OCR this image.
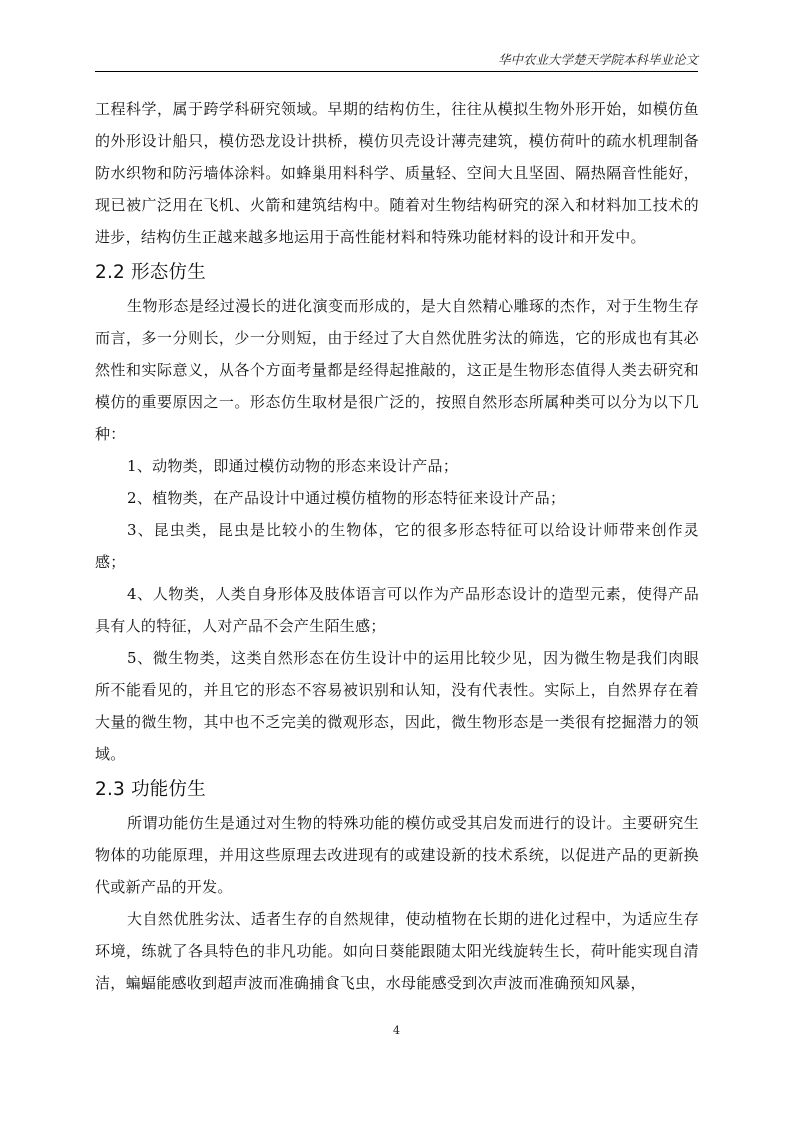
华中农业大学楚天学院本科毕业论文

工程科学，属于跨学科研究领域。早期的结构仿生，往往从模拟生物外形开始，如模仿鱼的外形设计船只，模仿恐龙设计拱桥，模仿贝壳设计薄壳建筑，模仿荷叶的疏水机理制备防水织物和防污墙体涂料。如蜂巢用料科学、质量轻、空间大且坚固、隔热隔音性能好，现已被广泛用在飞机、火箭和建筑结构中。随着对生物结构研究的深入和材料加工技术的进步，结构仿生正越来越多地运用于高性能材料和特殊功能材料的设计和开发中。

2.2 形态仿生

生物形态是经过漫长的进化演变而形成的，是大自然精心雕琢的杰作，对于生物生存而言，多一分则长，少一分则短，由于经过了大自然优胜劣汰的筛选，它的形成也有其必然性和实际意义，从各个方面考量都是经得起推敲的，这正是生物形态值得人类去研究和模仿的重要原因之一。形态仿生取材是很广泛的，按照自然形态所属种类可以分为以下几种：

1、动物类，即通过模仿动物的形态来设计产品；

2、植物类，在产品设计中通过模仿植物的形态特征来设计产品；

3、昆虫类，昆虫是比较小的生物体，它的很多形态特征可以给设计师带来创作灵感；

4、人物类，人类自身形体及肢体语言可以作为产品形态设计的造型元素，使得产品具有人的特征，人对产品不会产生陌生感；

5、微生物类，这类自然形态在仿生设计中的运用比较少见，因为微生物是我们肉眼所不能看见的，并且它的形态不容易被识别和认知，没有代表性。实际上，自然界存在着大量的微生物，其中也不乏完美的微观形态，因此，微生物形态是一类很有挖掘潜力的领域。

2.3 功能仿生

所谓功能仿生是通过对生物的特殊功能的模仿或受其启发而进行的设计。主要研究生物体的功能原理，并用这些原理去改进现有的或建设新的技术系统，以促进产品的更新换代或新产品的开发。

大自然优胜劣汰、适者生存的自然规律，使动植物在长期的进化过程中，为适应生存环境，练就了各具特色的非凡功能。如向日葵能跟随太阳光线旋转生长，荷叶能实现自清洁，蝙蝠能感收到超声波而准确捕食飞虫，水母能感受到次声波而准确预知风暴，

4
